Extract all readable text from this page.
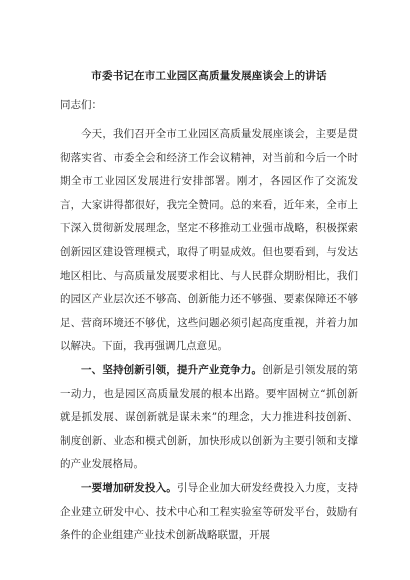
市委书记在市工业园区高质量发展座谈会上的讲话
同志们：

今天，我们召开全市工业园区高质量发展座谈会，主要是贯彻落实省、市委全会和经济工作会议精神，对当前和今后一个时期全市工业园区发展进行安排部署。刚才，各园区作了交流发言，大家讲得都很好，我完全赞同。总的来看，近年来，全市上下深入贯彻新发展理念，坚定不移推动工业强市战略，积极探索创新园区建设管理模式，取得了明显成效。但也要看到，与发达地区相比、与高质量发展要求相比、与人民群众期盼相比，我们的园区产业层次还不够高、创新能力还不够强、要素保障还不够足、营商环境还不够优，这些问题必须引起高度重视，并着力加以解决。下面，我再强调几点意见。

一、坚持创新引领，提升产业竞争力。创新是引领发展的第一动力，也是园区高质量发展的根本出路。要牢固树立“抓创新就是抓发展、谋创新就是谋未来”的理念，大力推进科技创新、制度创新、业态和模式创新，加快形成以创新为主要引领和支撑的产业发展格局。

一要增加研发投入。引导企业加大研发经费投入力度，支持企业建立研发中心、技术中心和工程实验室等研发平台，鼓励有条件的企业组建产业技术创新战略联盟，开展
